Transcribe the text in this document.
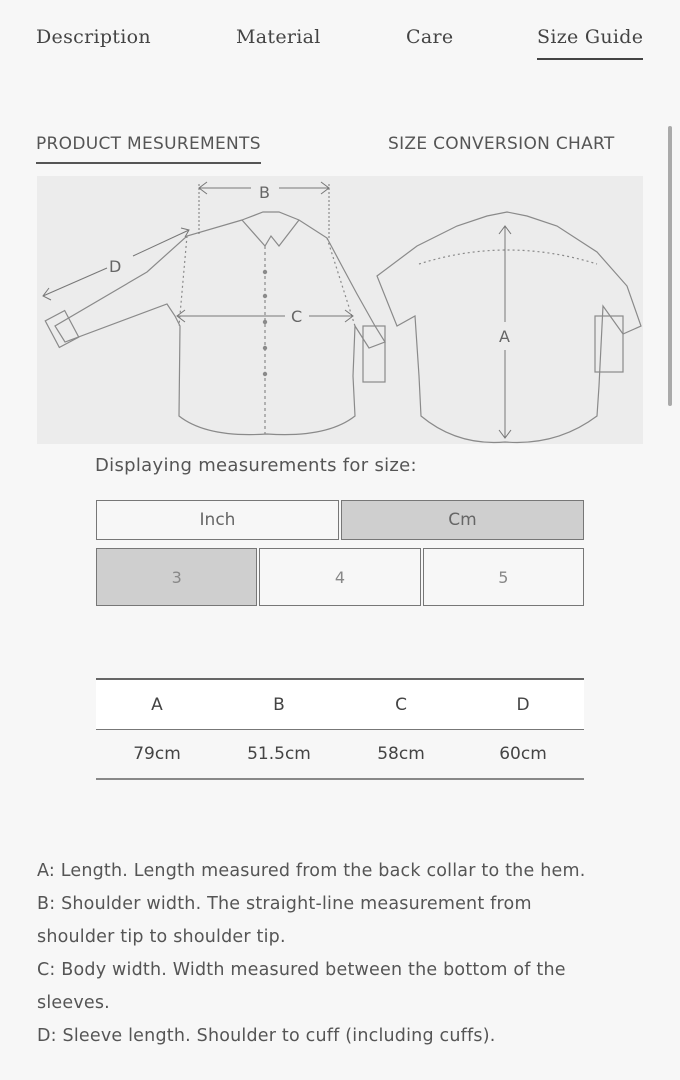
Description	Material	Care	Size Guide
PRODUCT MESUREMENTS	SIZE CONVERSION CHART
B
C
D
A
Displaying measurements for size:
Inch	Cm
3	4	5
A	B	C	D
79cm	51.5cm	58cm	60cm

A: Length. Length measured from the back collar to the hem.

B: Shoulder width. The straight-line measurement from

shoulder tip to shoulder tip.

C: Body width. Width measured between the bottom of the

sleeves.

D: Sleeve length. Shoulder to cuff (including cuffs).
